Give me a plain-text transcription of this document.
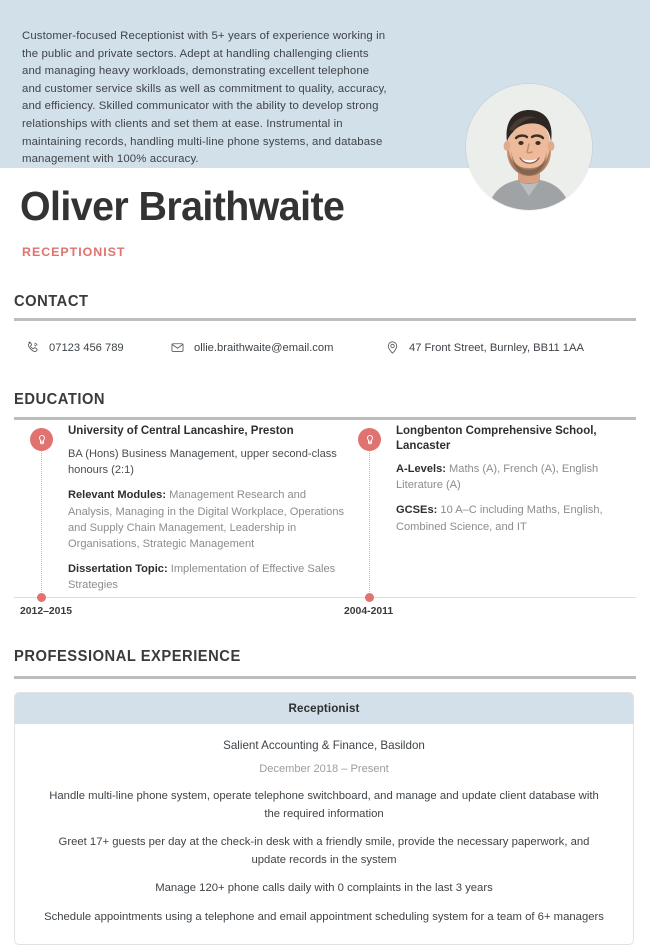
Customer-focused Receptionist with 5+ years of experience working in the public and private sectors. Adept at handling challenging clients and managing heavy workloads, demonstrating excellent telephone and customer service skills as well as commitment to quality, accuracy, and efficiency. Skilled communicator with the ability to develop strong relationships with clients and set them at ease. Instrumental in maintaining records, handling multi-line phone systems, and database management with 100% accuracy.
Oliver Braithwaite
RECEPTIONIST
CONTACT
07123 456 789	ollie.braithwaite@email.com	47 Front Street, Burnley, BB11 1AA
EDUCATION
University of Central Lancashire, Preston
BA (Hons) Business Management, upper second-class honours (2:1)
Relevant Modules: Management Research and Analysis, Managing in the Digital Workplace, Operations and Supply Chain Management, Leadership in Organisations, Strategic Management
Dissertation Topic: Implementation of Effective Sales Strategies
Longbenton Comprehensive School, Lancaster
A-Levels: Maths (A), French (A), English Literature (A)
GCSEs: 10 A–C including Maths, English, Combined Science, and IT
2012–2015	2004-2011
PROFESSIONAL EXPERIENCE
Receptionist
Salient Accounting & Finance, Basildon
December 2018 – Present
Handle multi-line phone system, operate telephone switchboard, and manage and update client database with the required information
Greet 17+ guests per day at the check-in desk with a friendly smile, provide the necessary paperwork, and update records in the system
Manage 120+ phone calls daily with 0 complaints in the last 3 years
Schedule appointments using a telephone and email appointment scheduling system for a team of 6+ managers
